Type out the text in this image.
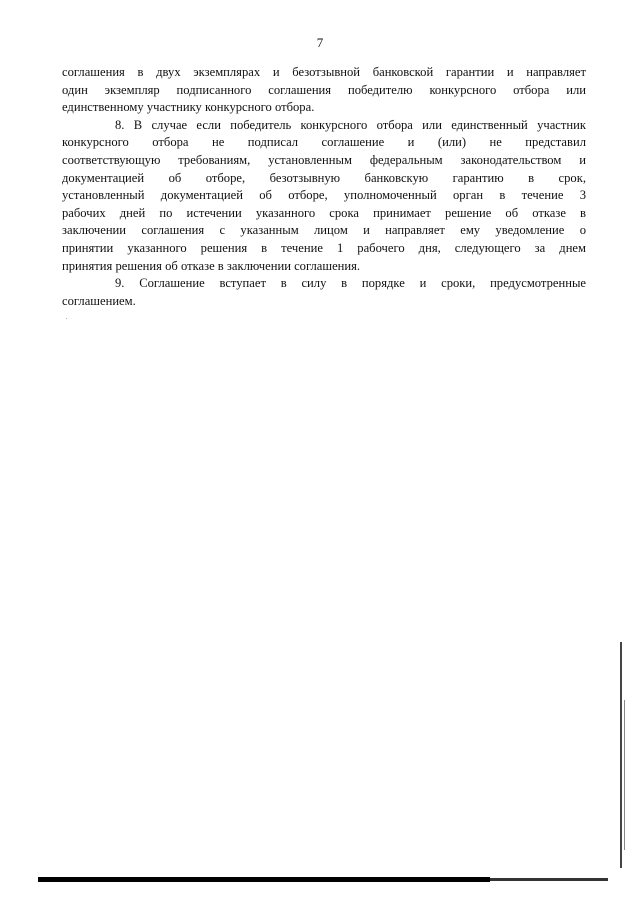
7

соглашения в двух экземплярах и безотзывной банковской гарантии и направляет
один экземпляр подписанного соглашения победителю конкурсного отбора или
единственному участнику конкурсного отбора.

8. В случае если победитель конкурсного отбора или единственный участник
конкурсного отбора не подписал соглашение и (или) не представил
соответствующую требованиям, установленным федеральным законодательством и
документацией об отборе, безотзывную банковскую гарантию в срок,
установленный документацией об отборе, уполномоченный орган в течение 3
рабочих дней по истечении указанного срока принимает решение об отказе в
заключении соглашения с указанным лицом и направляет ему уведомление о
принятии указанного решения в течение 1 рабочего дня, следующего за днем
принятия решения об отказе в заключении соглашения.

9. Соглашение вступает в силу в порядке и сроки, предусмотренные
соглашением.
